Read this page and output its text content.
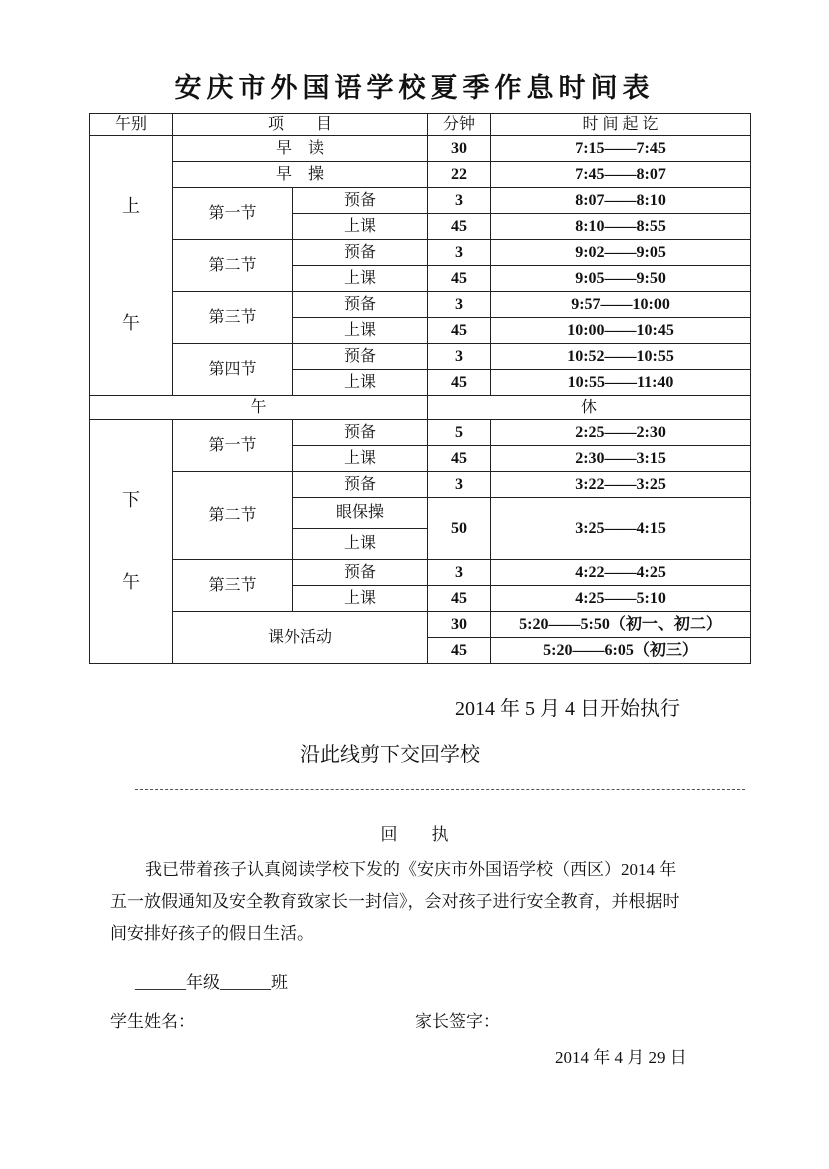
安庆市外国语学校夏季作息时间表
午别	项　　目		分钟	时 间 起 讫

上
午	早　读		30	7:15——7:45
	早　操		22	7:45——8:07
	第一节	预备	3	8:07——8:10
		上课	45	8:10——8:55
	第二节	预备	3	9:02——9:05
		上课	45	9:05——9:50
	第三节	预备	3	9:57——10:00
		上课	45	10:00——10:45
	第四节	预备	3	10:52——10:55
		上课	45	10:55——11:40
午			休	

下
午	第一节	预备	5	2:25——2:30
		上课	45	2:30——3:15
	第二节	预备	3	3:22——3:25
		眼保操	50	3:25——4:15
		上课		
	第三节	预备	3	4:22——4:25
		上课	45	4:25——5:10
	课外活动		30	5:20——5:50（初一、初二）
			45	5:20——6:05（初三）
2014 年 5 月 4 日开始执行
沿此线剪下交回学校
回　　执
我已带着孩子认真阅读学校下发的《安庆市外国语学校（西区）2014 年
五一放假通知及安全教育致家长一封信》，会对孩子进行安全教育，并根据时
间安排好孩子的假日生活。
______年级______班
学生姓名：	家长签字：
2014 年 4 月 29 日
